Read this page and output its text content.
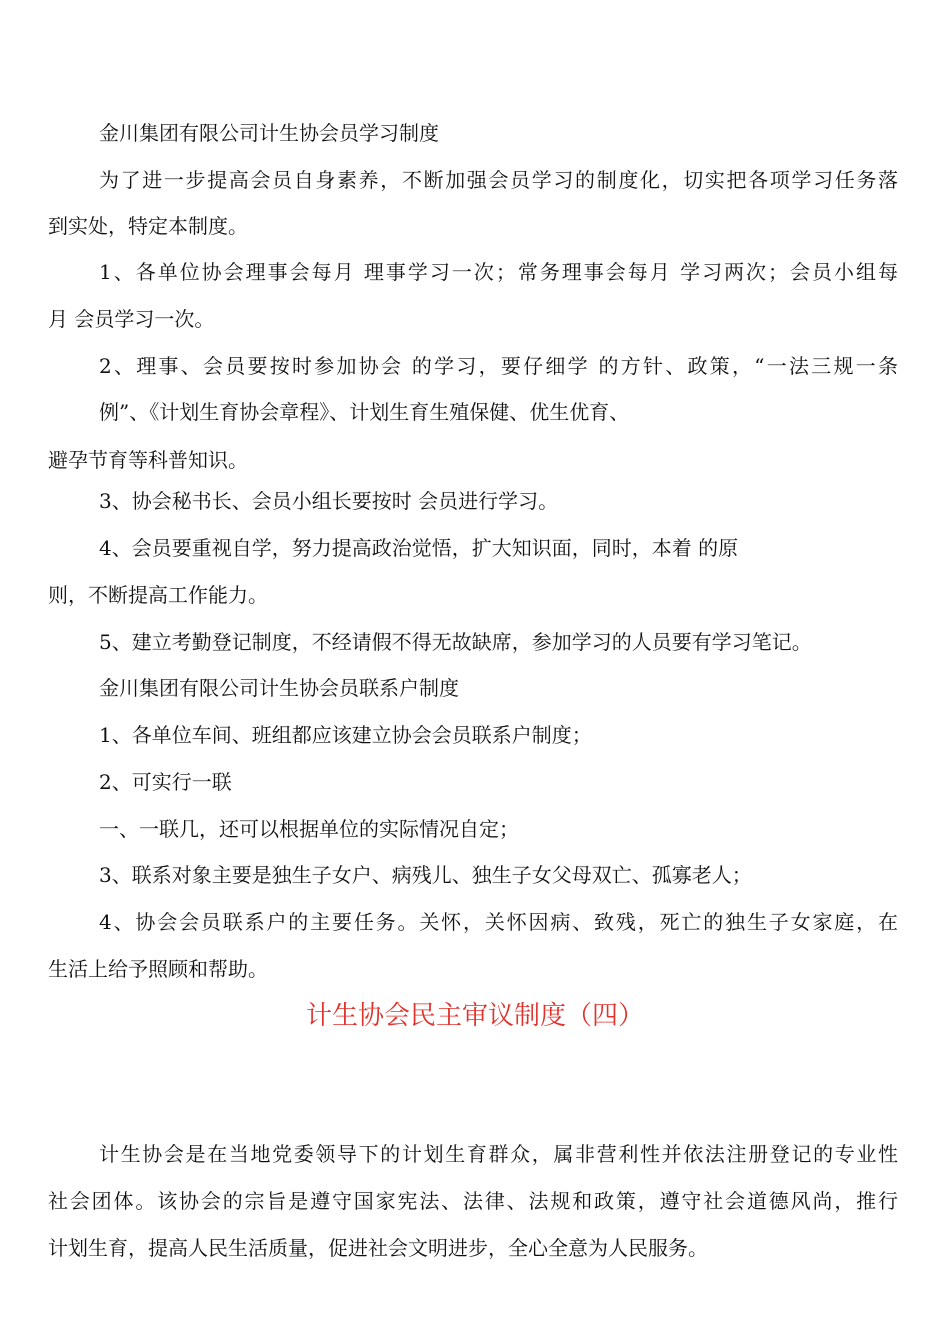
金川集团有限公司计生协会员学习制度
为了进一步提高会员自身素养，不断加强会员学习的制度化，切实把各项学习任务落
到实处，特定本制度。
1、各单位协会理事会每月 理事学习一次；常务理事会每月 学习两次；会员小组每
月 会员学习一次。
2、理事、会员要按时参加协会 的学习，要仔细学 的方针、政策，“一法三规一条
例”、《计划生育协会章程》、计划生育生殖保健、优生优育、
避孕节育等科普知识。
3、协会秘书长、会员小组长要按时 会员进行学习。
4、会员要重视自学，努力提高政治觉悟，扩大知识面，同时，本着 的原
则，不断提高工作能力。
5、建立考勤登记制度，不经请假不得无故缺席，参加学习的人员要有学习笔记。
金川集团有限公司计生协会员联系户制度
1、各单位车间、班组都应该建立协会会员联系户制度；
2、可实行一联
一、一联几，还可以根据单位的实际情况自定；
3、联系对象主要是独生子女户、病残儿、独生子女父母双亡、孤寡老人；
4、协会会员联系户的主要任务。关怀，关怀因病、致残，死亡的独生子女家庭，在
生活上给予照顾和帮助。
计生协会民主审议制度（四）
计生协会是在当地党委领导下的计划生育群众，属非营利性并依法注册登记的专业性
社会团体。该协会的宗旨是遵守国家宪法、法律、法规和政策，遵守社会道德风尚，推行
计划生育，提高人民生活质量，促进社会文明进步，全心全意为人民服务。
